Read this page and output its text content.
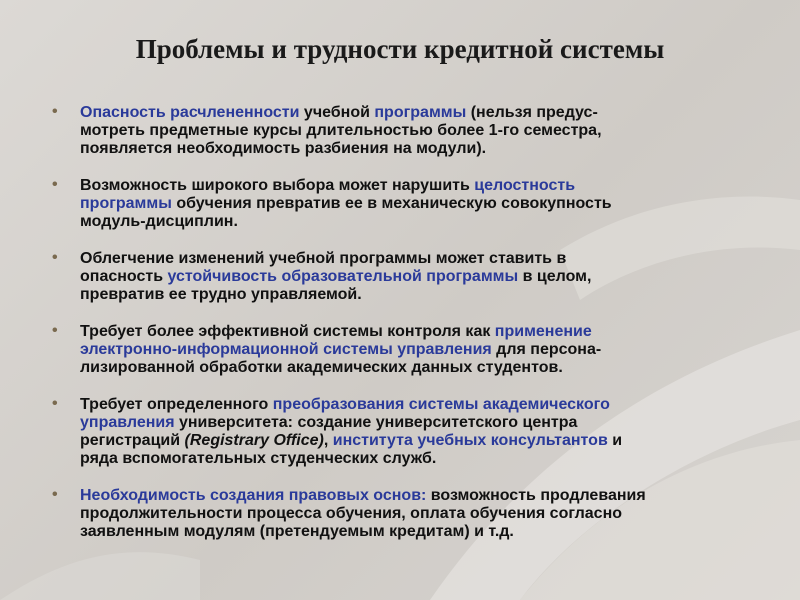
Проблемы и трудности кредитной системы
• Опасность расчлененности учебной программы (нельзя предус-
мотреть предметные курсы длительностью более 1-го семестра,
появляется необходимость разбиения на модули).
• Возможность широкого выбора может нарушить целостность
программы обучения превратив ее в механическую совокупность
модуль-дисциплин.
• Облегчение изменений учебной программы может ставить в
опасность устойчивость образовательной программы в целом,
превратив ее трудно управляемой.
• Требует более эффективной системы контроля как применение
электронно-информационной системы управления для персона-
лизированной обработки академических данных студентов.
• Требует определенного преобразования системы академического
управления университета: создание университетского центра
регистраций (Registrary Office), института учебных консультантов и
ряда вспомогательных студенческих служб.
• Необходимость создания правовых основ: возможность продлевания
продолжительности процесса обучения, оплата обучения согласно
заявленным модулям (претендуемым кредитам) и т.д.
